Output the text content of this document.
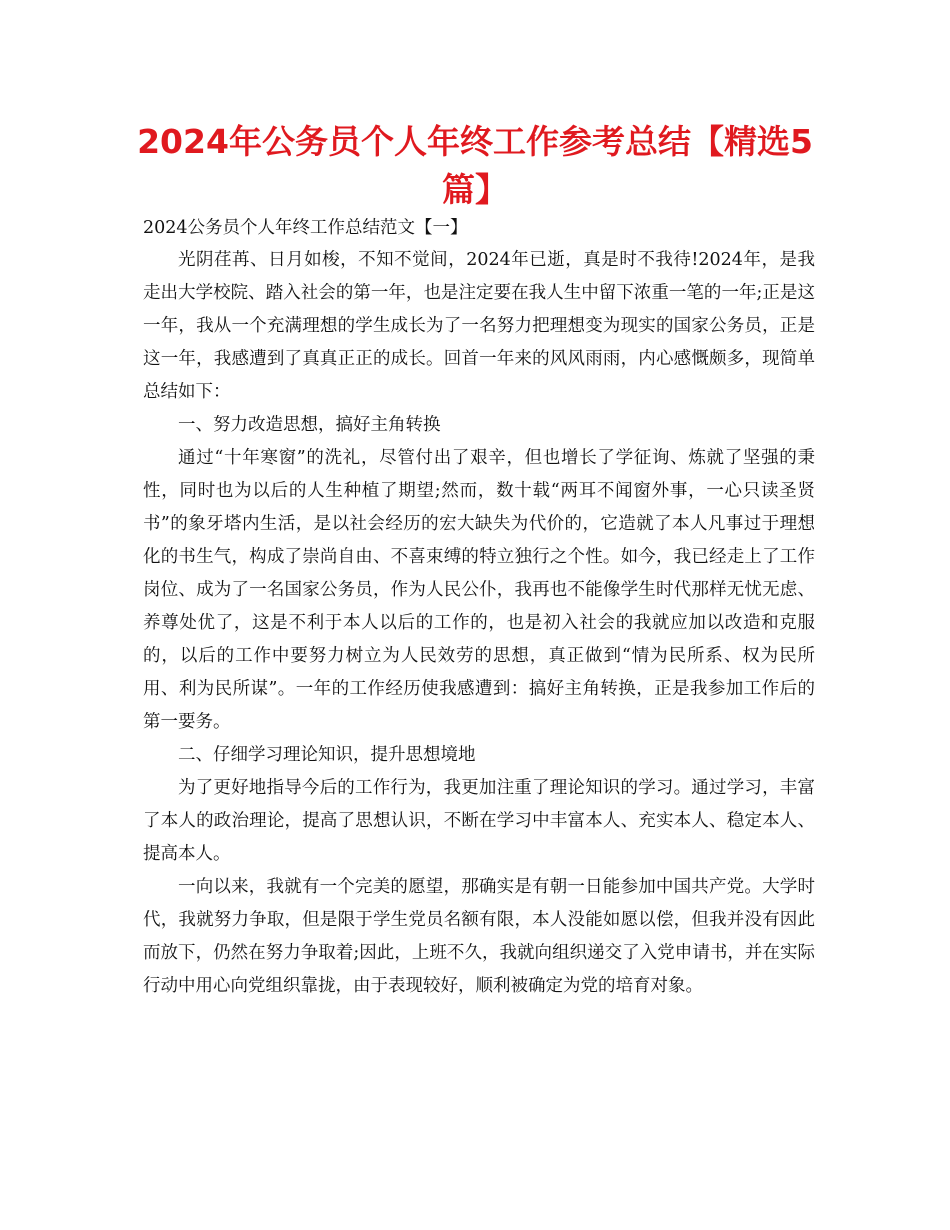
2024年公务员个人年终工作参考总结【精选5篇】

2024公务员个人年终工作总结范文【一】

光阴荏苒、日月如梭，不知不觉间，2024年已逝，真是时不我待!2024年，是我走出大学校院、踏入社会的第一年，也是注定要在我人生中留下浓重一笔的一年;正是这一年，我从一个充满理想的学生成长为了一名努力把理想变为现实的国家公务员，正是这一年，我感遭到了真真正正的成长。回首一年来的风风雨雨，内心感慨颇多，现简单总结如下：

一、努力改造思想，搞好主角转换

通过“十年寒窗”的洗礼，尽管付出了艰辛，但也增长了学征询、炼就了坚强的秉性，同时也为以后的人生种植了期望;然而，数十载“两耳不闻窗外事，一心只读圣贤书”的象牙塔内生活，是以社会经历的宏大缺失为代价的，它造就了本人凡事过于理想化的书生气，构成了崇尚自由、不喜束缚的特立独行之个性。如今，我已经走上了工作岗位、成为了一名国家公务员，作为人民公仆，我再也不能像学生时代那样无忧无虑、养尊处优了，这是不利于本人以后的工作的，也是初入社会的我就应加以改造和克服的，以后的工作中要努力树立为人民效劳的思想，真正做到“情为民所系、权为民所用、利为民所谋”。一年的工作经历使我感遭到：搞好主角转换，正是我参加工作后的第一要务。

二、仔细学习理论知识，提升思想境地

为了更好地指导今后的工作行为，我更加注重了理论知识的学习。通过学习，丰富了本人的政治理论，提高了思想认识，不断在学习中丰富本人、充实本人、稳定本人、提高本人。

一向以来，我就有一个完美的愿望，那确实是有朝一日能参加中国共产党。大学时代，我就努力争取，但是限于学生党员名额有限，本人没能如愿以偿，但我并没有因此而放下，仍然在努力争取着;因此，上班不久，我就向组织递交了入党申请书，并在实际行动中用心向党组织靠拢，由于表现较好，顺利被确定为党的培育对象。
